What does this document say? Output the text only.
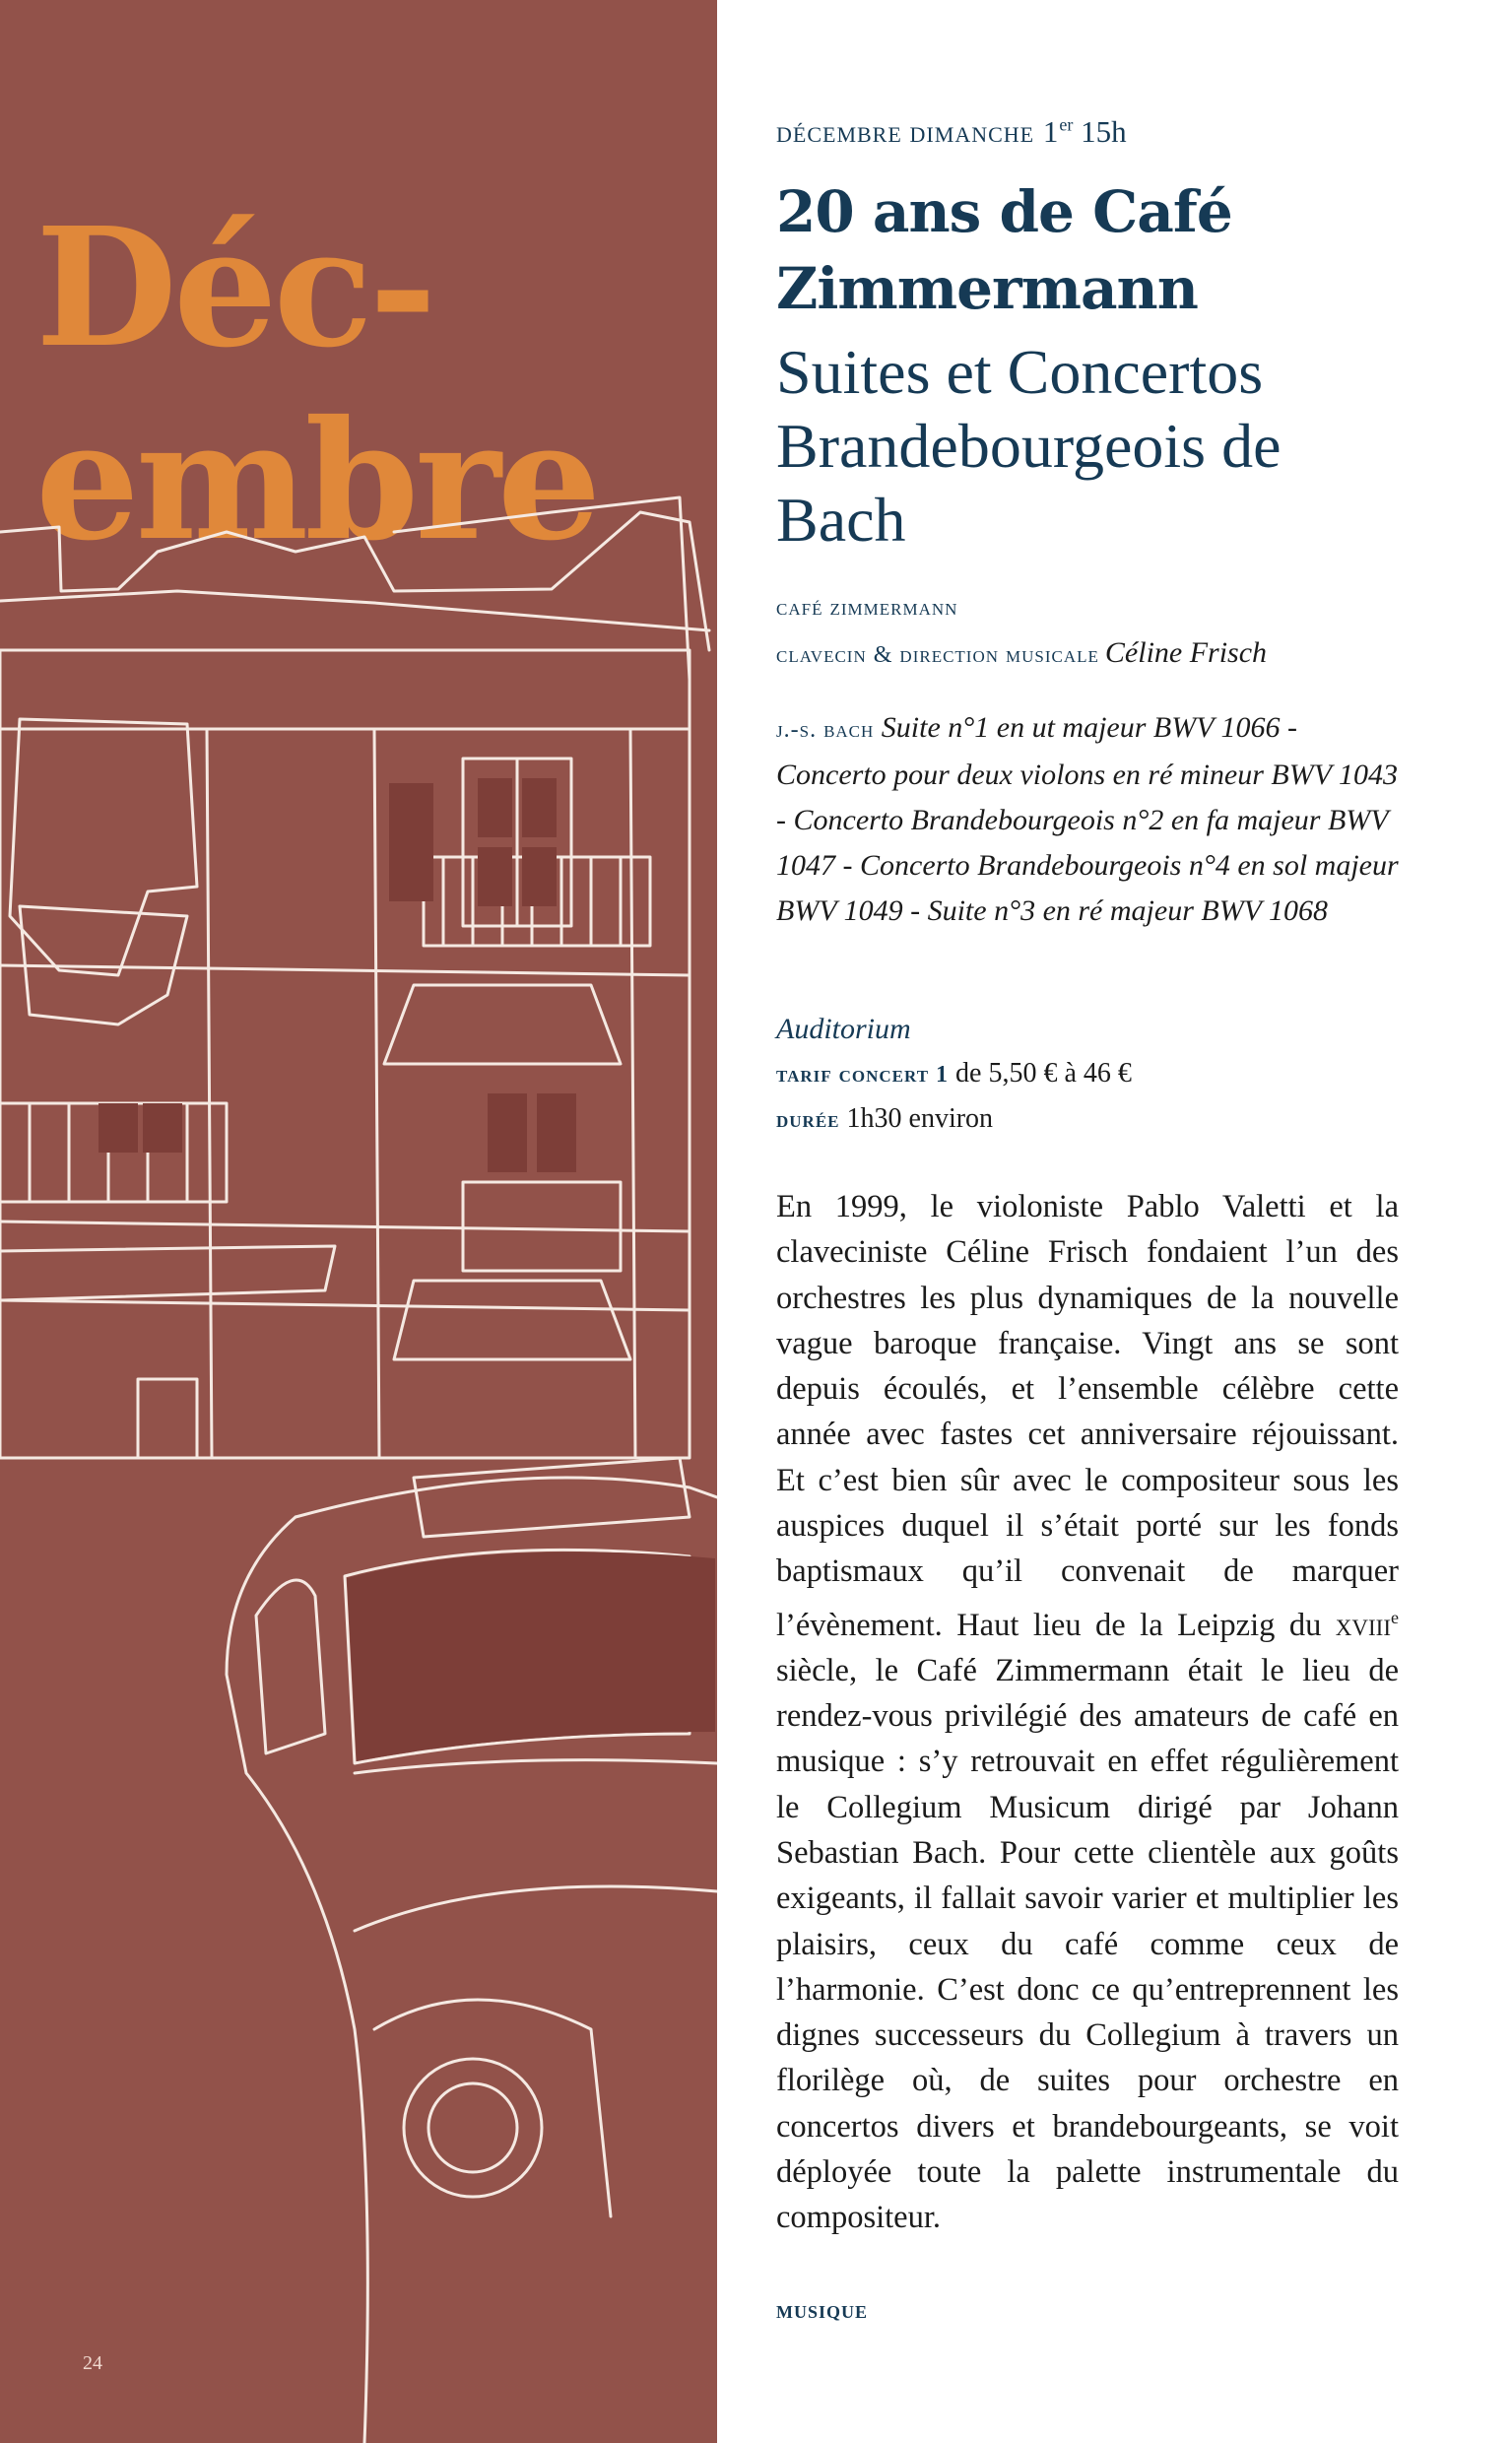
Déc-
embre
24
décembre dimanche 1er 15h
20 ans de Café Zimmermann
Suites et Concertos Brandebourgeois de Bach
café zimmermann
clavecin & direction musicale Céline Frisch
j.-s. bach Suite n°1 en ut majeur BWV 1066 - Concerto pour deux violons en ré mineur BWV 1043 - Concerto Brandebourgeois n°2 en fa majeur BWV 1047 - Concerto Brandebourgeois n°4 en sol majeur BWV 1049 - Suite n°3 en ré majeur BWV 1068
Auditorium
tarif concert 1 de 5,50 € à 46 €
durée 1h30 environ

En 1999, le violoniste Pablo Valetti et la claveciniste Céline Frisch fondaient l’un des orchestres les plus dynamiques de la nouvelle vague baroque française. Vingt ans se sont depuis écoulés, et l’ensemble célèbre cette année avec fastes cet anniversaire réjouissant. Et c’est bien sûr avec le compositeur sous les auspices duquel il s’était porté sur les fonds baptismaux qu’il convenait de marquer l’évènement. Haut lieu de la Leipzig du xviii$^e$ siècle, le Café Zimmermann était le lieu de rendez-vous privilégié des amateurs de café en musique : s’y retrouvait en effet régulièrement le Collegium Musicum dirigé par Johann Sebastian Bach. Pour cette clientèle aux goûts exigeants, il fallait savoir varier et multiplier les plaisirs, ceux du café comme ceux de l’harmonie. C’est donc ce qu’entreprennent les dignes successeurs du Collegium à travers un florilège où, de suites pour orchestre en concertos divers et brandebourgeants, se voit déployée toute la palette instrumentale du compositeur.

musique
